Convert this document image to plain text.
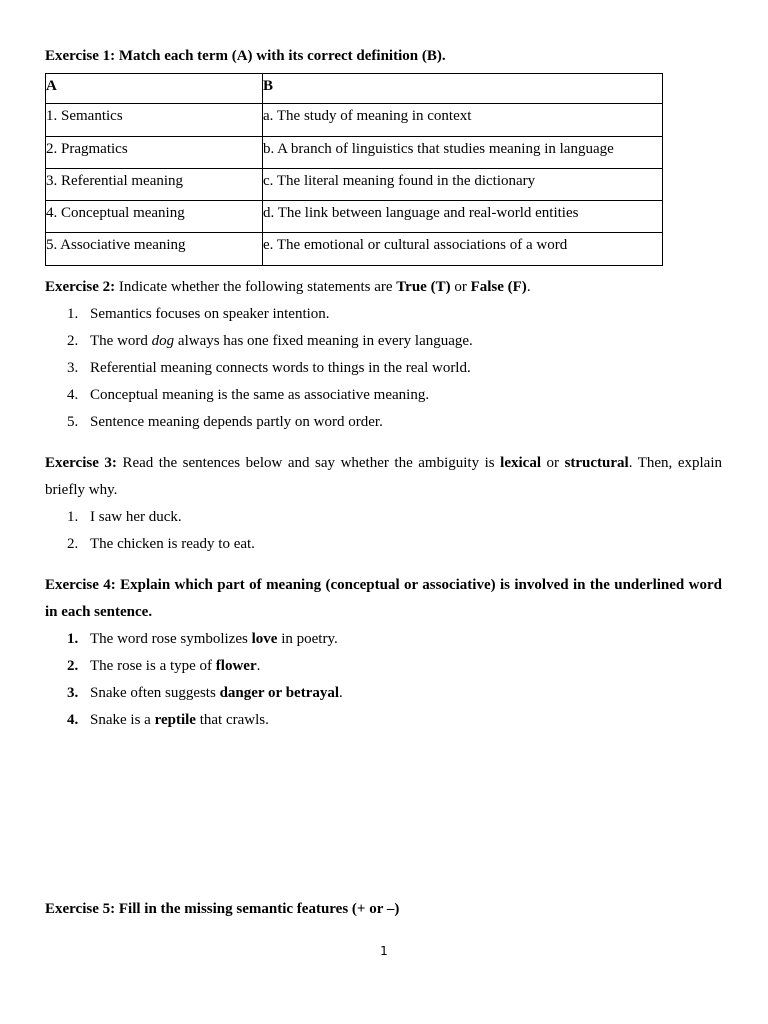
Exercise 1: Match each term (A) with its correct definition (B).
A	B
1. Semantics	a. The study of meaning in context
2. Pragmatics	b. A branch of linguistics that studies meaning in language
3. Referential meaning	c. The literal meaning found in the dictionary
4. Conceptual meaning	d. The link between language and real-world entities
5. Associative meaning	e. The emotional or cultural associations of a word
Exercise 2: Indicate whether the following statements are True (T) or False (F).
1. Semantics focuses on speaker intention.
2. The word dog always has one fixed meaning in every language.
3. Referential meaning connects words to things in the real world.
4. Conceptual meaning is the same as associative meaning.
5. Sentence meaning depends partly on word order.
Exercise 3: Read the sentences below and say whether the ambiguity is lexical or structural. Then, explain briefly why.
1. I saw her duck.
2. The chicken is ready to eat.
Exercise 4: Explain which part of meaning (conceptual or associative) is involved in the underlined word in each sentence.
1. The word rose symbolizes love in poetry.
2. The rose is a type of flower.
3. Snake often suggests danger or betrayal.
4. Snake is a reptile that crawls.
Exercise 5: Fill in the missing semantic features (+ or –)
1
